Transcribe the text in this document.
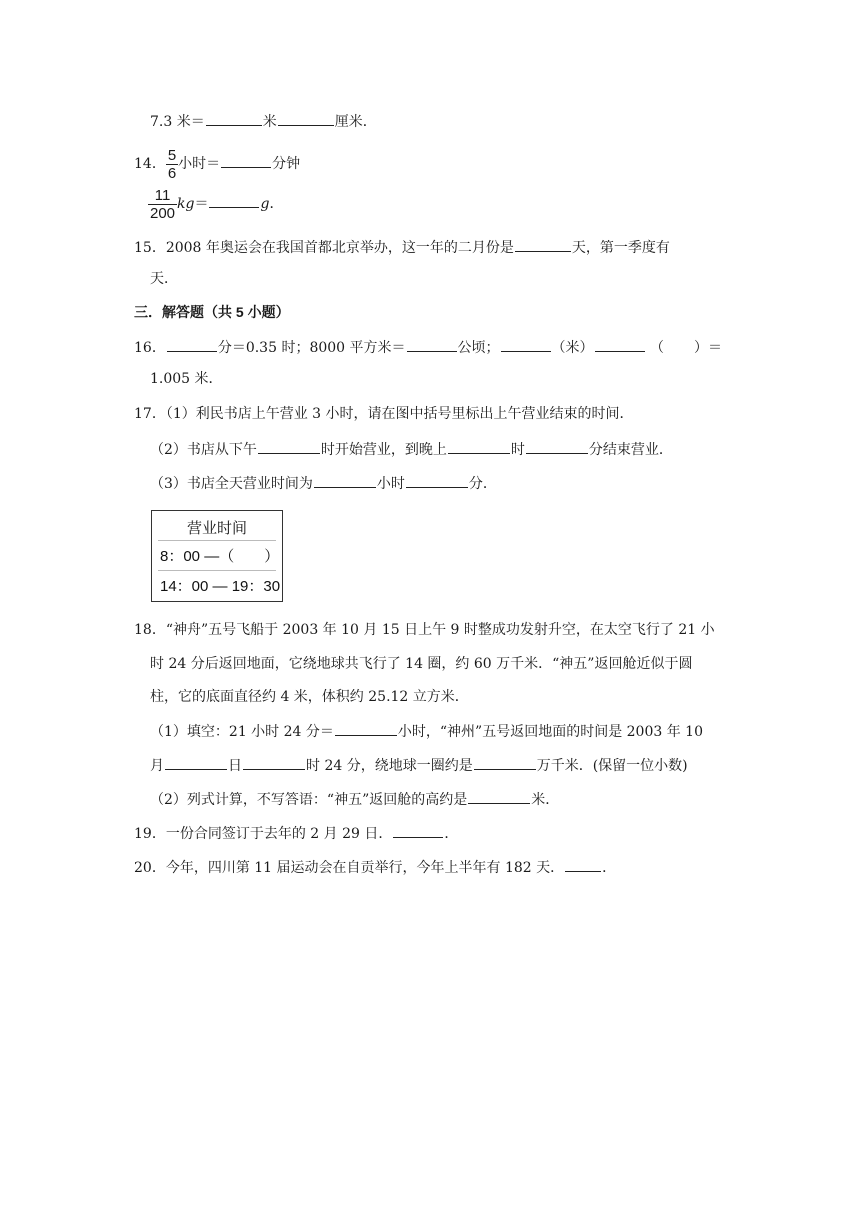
7.3 米＝	米	厘米．
14． $\frac{5}{6}$ 小时＝	分钟
$\frac{11}{200} kg=$	g．
15．2008 年奥运会在我国首都北京举办，这一年的二月份是	天，第一季度有
天．
三．解答题（共 5 小题）
16．	分＝0.35 时；8000 平方米＝	公顷；	（米）	（ ）＝
1.005 米．
17．（1）利民书店上午营业 3 小时，请在图中括号里标出上午营业结束的时间．
（2）书店从下午	时开始营业，到晚上	时	分结束营业．
（3）书店全天营业时间为	小时	分．
营业时间
8：00 —（　　）
14：00 — 19：30
18．“神舟”五号飞船于 2003 年 10 月 15 日上午 9 时整成功发射升空，在太空飞行了 21 小
时 24 分后返回地面，它绕地球共飞行了 14 圈，约 60 万千米．“神五”返回舱近似于圆
柱，它的底面直径约 4 米，体积约 25.12 立方米．
（1）填空：21 小时 24 分＝	小时，“神州”五号返回地面的时间是 2003 年 10
月	日	时 24 分，绕地球一圈约是	万千米．(保留一位小数)
（2）列式计算，不写答语：“神五”返回舱的高约是	米．
19．一份合同签订于去年的 2 月 29 日．	．
20．今年，四川第 11 届运动会在自贡举行，今年上半年有 182 天．	．
